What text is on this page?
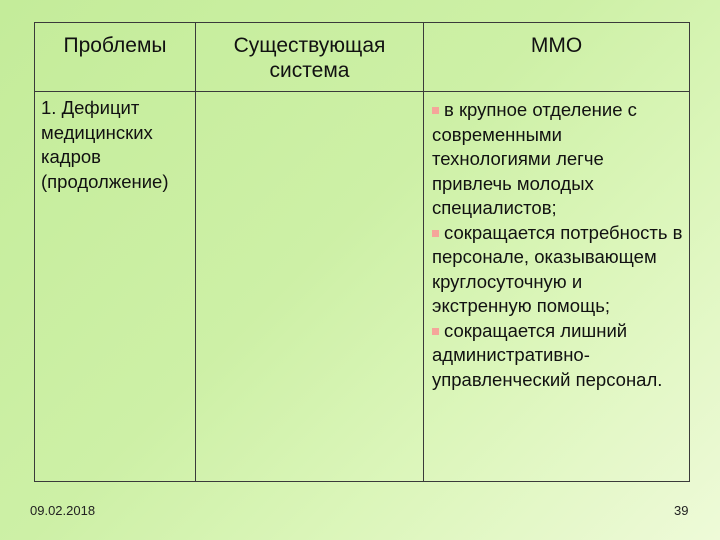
Проблемы	Существующая система	ММО

1. Дефицит медицинских кадров (продолжение)		в крупное отделение с современными технологиями легче привлечь молодых специалистов;

сокращается потребность в персонале, оказывающем круглосуточную и экстренную помощь;

сокращается лишний административно-управленческий персонал.

09.02.2018	39
